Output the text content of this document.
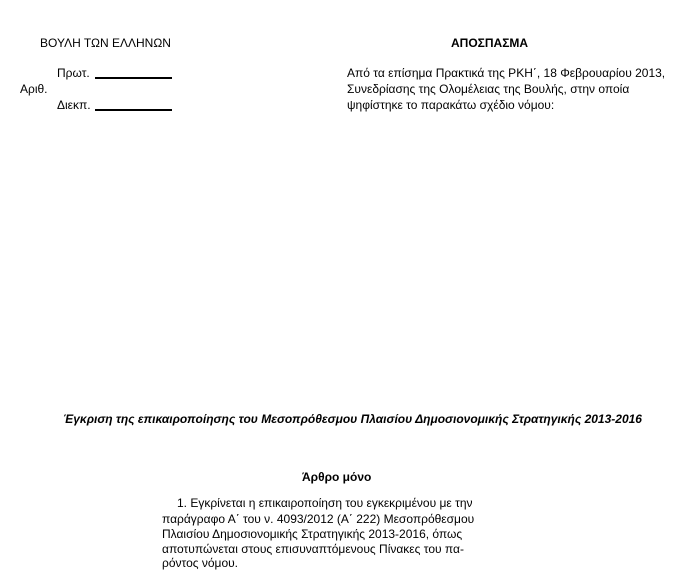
ΒΟΥΛΗ ΤΩΝ ΕΛΛΗΝΩΝ	ΑΠΟΣΠΑΣΜΑ
Πρωτ.
Αριθ.
Διεκπ.
Από τα επίσημα Πρακτικά της ΡΚΗ΄, 18 Φεβρουαρίου 2013,
Συνεδρίασης της Ολομέλειας της Βουλής, στην οποία
ψηφίστηκε το παρακάτω σχέδιο νόμου:
Έγκριση της επικαιροποίησης του Μεσοπρόθεσμου Πλαισίου Δημοσιονομικής Στρατηγικής 2013-2016
Άρθρο μόνο
1. Εγκρίνεται η επικαιροποίηση του εγκεκριμένου με την
παράγραφο Α΄ του ν. 4093/2012 (Α΄ 222) Μεσοπρόθεσμου
Πλαισίου Δημοσιονομικής Στρατηγικής 2013-2016, όπως
αποτυπώνεται στους επισυναπτόμενους Πίνακες του πα-
ρόντος νόμου.
